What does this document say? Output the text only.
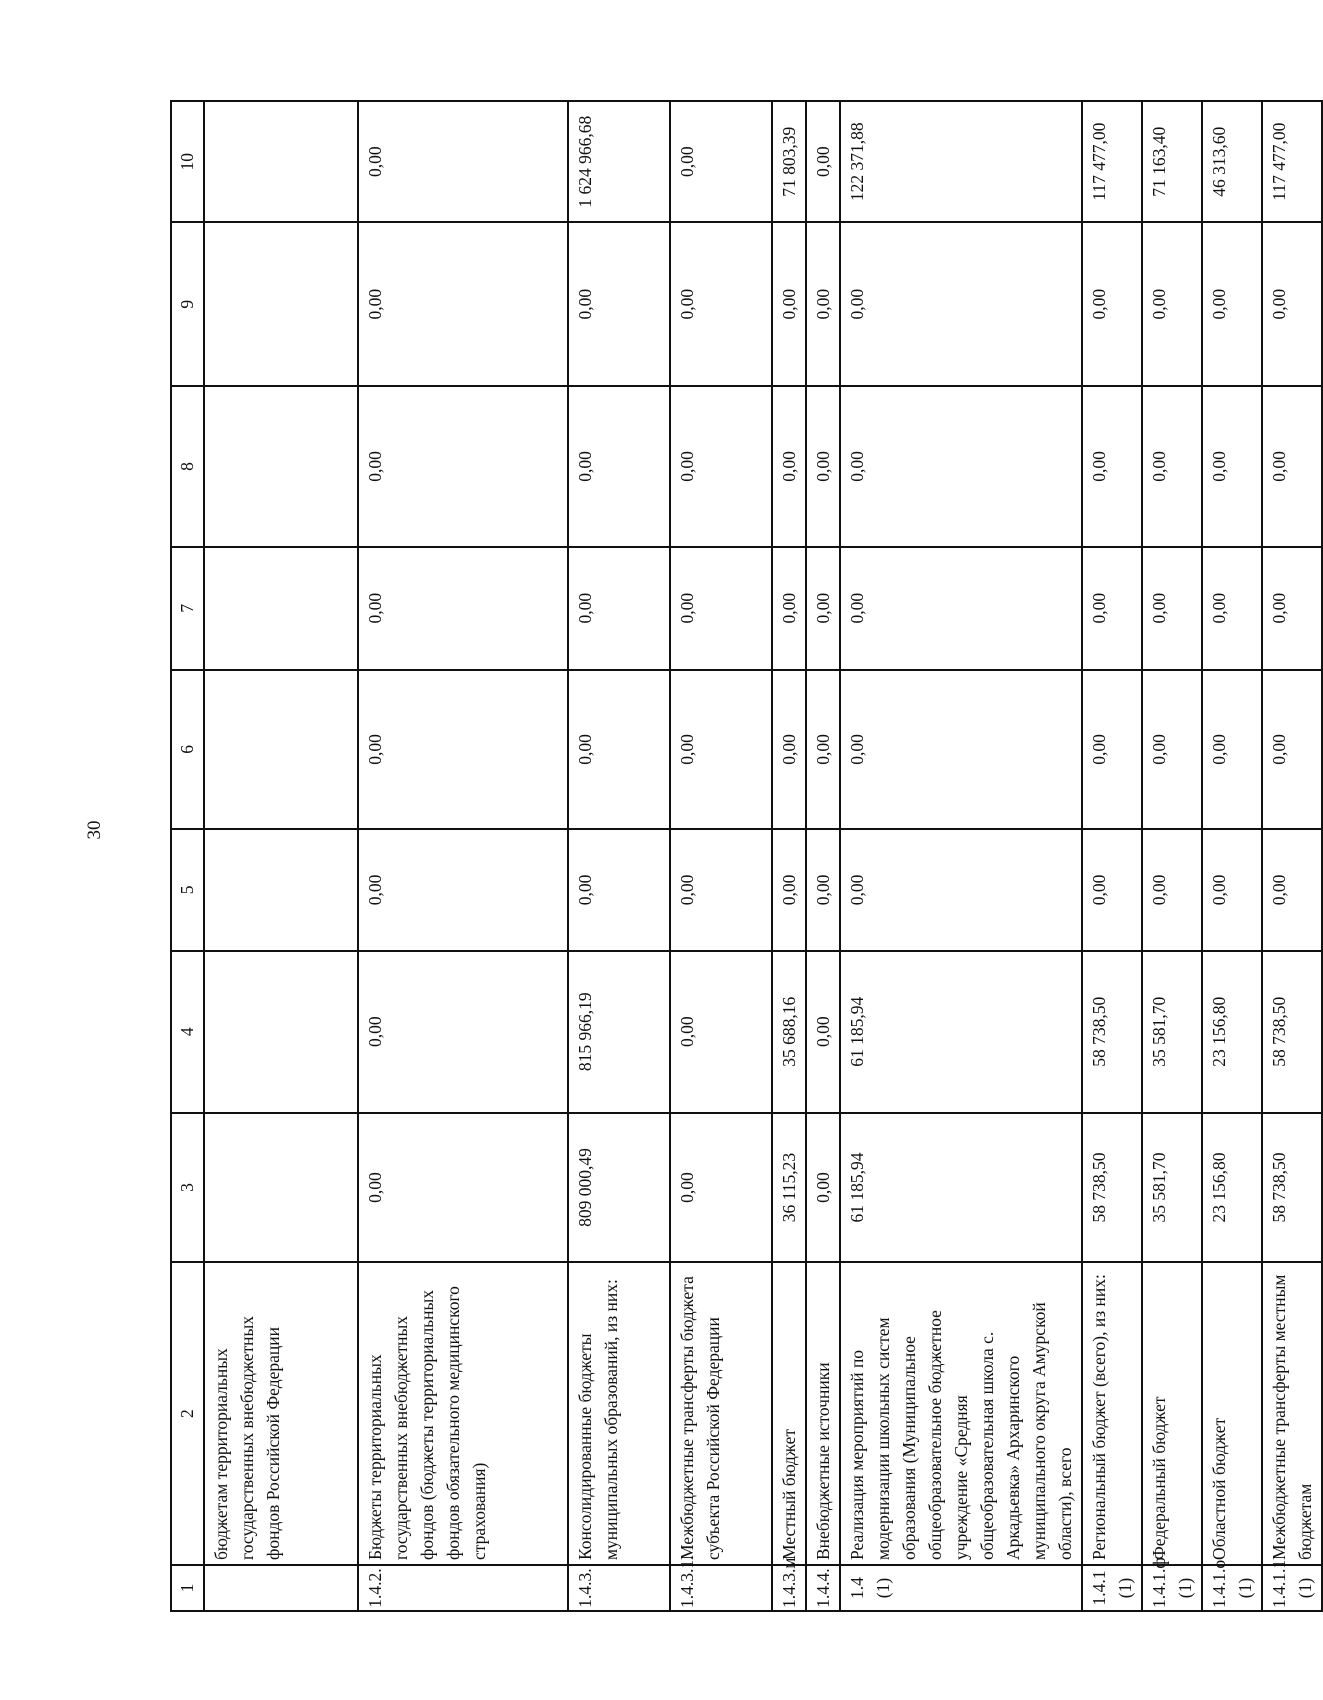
30
1	2	3	4	5	6	7	8	9	10
	бюджетам территориальных государственных внебюджетных фондов Российской Федерации								
1.4.2.	Бюджеты территориальных государственных внебюджетных фондов (бюджеты территориальных фондов обязательного медицинского страхования)	0,00	0,00	0,00	0,00	0,00	0,00	0,00	0,00
1.4.3.	Консолидированные бюджеты муниципальных образований, из них:	809 000,49	815 966,19	0,00	0,00	0,00	0,00	0,00	1 624 966,68
1.4.3.1.	Межбюджетные трансферты бюджета субъекта Российской Федерации	0,00	0,00	0,00	0,00	0,00	0,00	0,00	0,00
1.4.3.м	Местный бюджет	36 115,23	35 688,16	0,00	0,00	0,00	0,00	0,00	71 803,39
1.4.4.	Внебюджетные источники	0,00	0,00	0,00	0,00	0,00	0,00	0,00	0,00
1.4 (1)	Реализация мероприятий по модернизации школьных систем образования (Муниципальное общеобразовательное бюджетное учреждение «Средняя общеобразовательная школа с. Аркадьевка» Архаринского муниципального округа Амурской области), всего	61 185,94	61 185,94	0,00	0,00	0,00	0,00	0,00	122 371,88
1.4.1 (1)	Региональный бюджет (всего), из них:	58 738,50	58 738,50	0,00	0,00	0,00	0,00	0,00	117 477,00
1.4.1.ф (1)	Федеральный бюджет	35 581,70	35 581,70	0,00	0,00	0,00	0,00	0,00	71 163,40
1.4.1.о (1)	Областной бюджет	23 156,80	23 156,80	0,00	0,00	0,00	0,00	0,00	46 313,60
1.4.1.1 (1)	Межбюджетные трансферты местным бюджетам	58 738,50	58 738,50	0,00	0,00	0,00	0,00	0,00	117 477,00
